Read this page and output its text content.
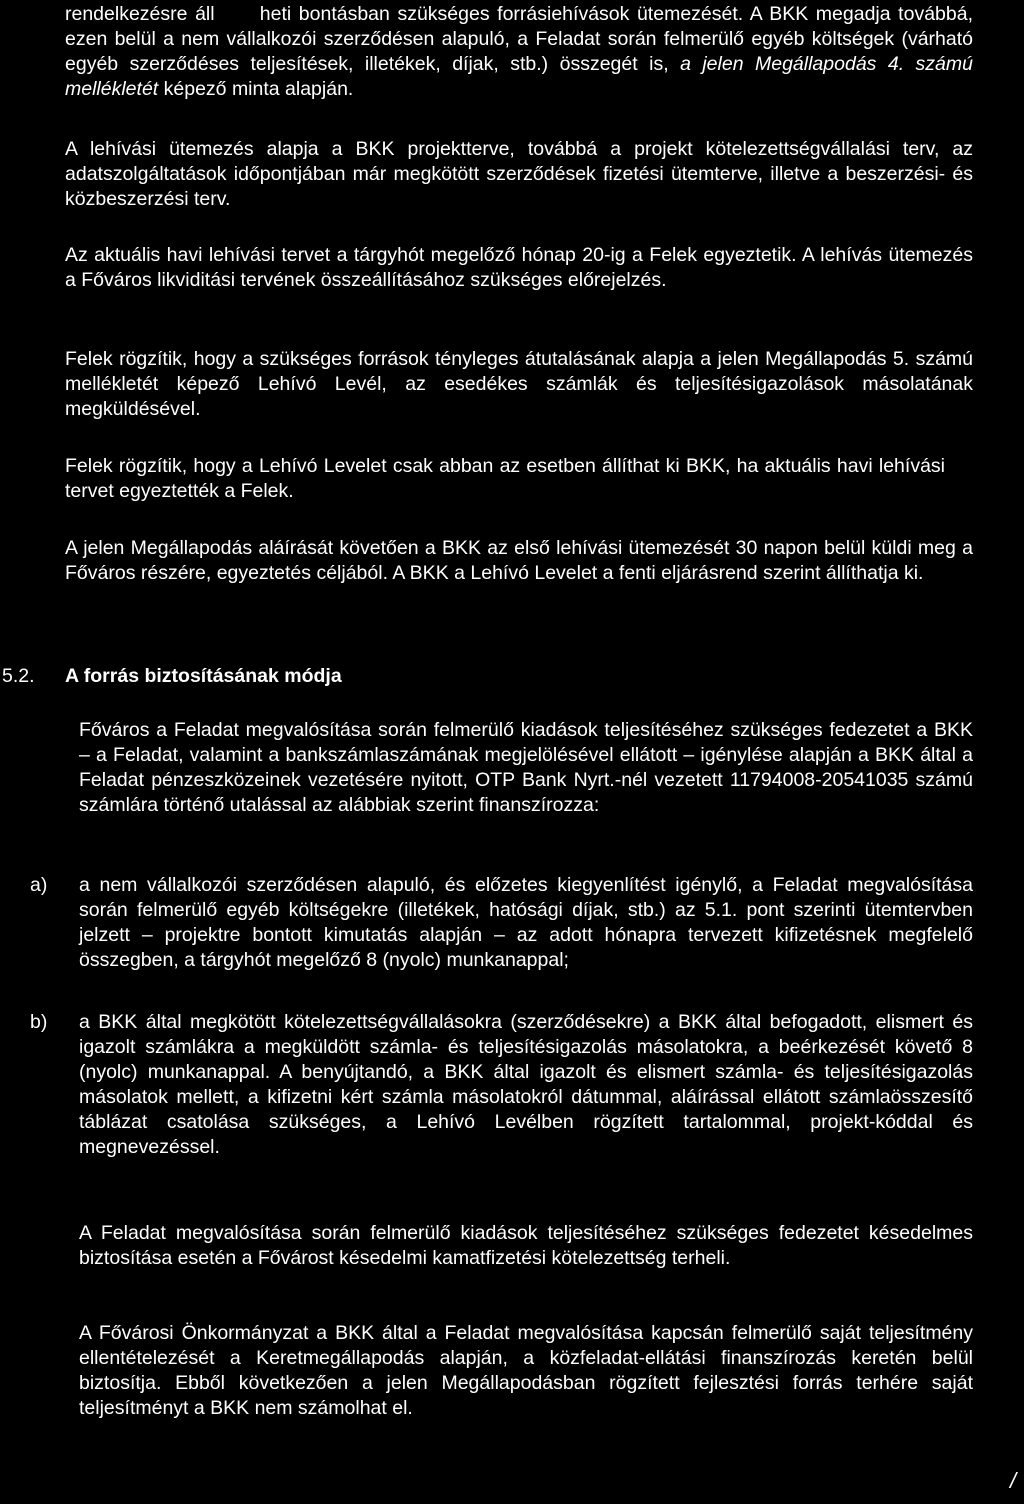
rendelkezésre áll heti bontásban szükséges forrásiehívások ütemezését. A BKK megadja továbbá, ezen belül a nem vállalkozói szerződésen alapuló, a Feladat során felmerülő egyéb költségek (várható egyéb szerződéses teljesítések, illetékek, díjak, stb.) összegét is, a jelen Megállapodás 4. számú mellékletét képező minta alapján.

A lehívási ütemezés alapja a BKK projektterve, továbbá a projekt kötelezettségvállalási terv, az adatszolgáltatások időpontjában már megkötött szerződések fizetési ütemterve, illetve a beszerzési- és közbeszerzési terv.

Az aktuális havi lehívási tervet a tárgyhót megelőző hónap 20-ig a Felek egyeztetik. A lehívás ütemezés a Főváros likviditási tervének összeállításához szükséges előrejelzés.

Felek rögzítik, hogy a szükséges források tényleges átutalásának alapja a jelen Megállapodás 5. számú mellékletét képező Lehívó Levél, az esedékes számlák és teljesítésigazolások másolatának megküldésével.

Felek rögzítik, hogy a Lehívó Levelet csak abban az esetben állíthat ki BKK, ha aktuális havi lehívási tervet egyeztették a Felek.

A jelen Megállapodás aláírását követően a BKK az első lehívási ütemezését 30 napon belül küldi meg a Főváros részére, egyeztetés céljából. A BKK a Lehívó Levelet a fenti eljárásrend szerint állíthatja ki.

5.2. A forrás biztosításának módja

Főváros a Feladat megvalósítása során felmerülő kiadások teljesítéséhez szükséges fedezetet a BKK – a Feladat, valamint a bankszámlaszámának megjelölésével ellátott – igénylése alapján a BKK által a Feladat pénzeszközeinek vezetésére nyitott, OTP Bank Nyrt.-nél vezetett 11794008-20541035 számú számlára történő utalással az alábbiak szerint finanszírozza:

a) a nem vállalkozói szerződésen alapuló, és előzetes kiegyenlítést igénylő, a Feladat megvalósítása során felmerülő egyéb költségekre (illetékek, hatósági díjak, stb.) az 5.1. pont szerinti ütemtervben jelzett – projektre bontott kimutatás alapján – az adott hónapra tervezett kifizetésnek megfelelő összegben, a tárgyhót megelőző 8 (nyolc) munkanappal;

b) a BKK által megkötött kötelezettségvállalásokra (szerződésekre) a BKK által befogadott, elismert és igazolt számlákra a megküldött számla- és teljesítésigazolás másolatokra, a beérkezését követő 8 (nyolc) munkanappal. A benyújtandó, a BKK által igazolt és elismert számla- és teljesítésigazolás másolatok mellett, a kifizetni kért számla másolatokról dátummal, aláírással ellátott számlaösszesítő táblázat csatolása szükséges, a Lehívó Levélben rögzített tartalommal, projekt-kóddal és megnevezéssel.

A Feladat megvalósítása során felmerülő kiadások teljesítéséhez szükséges fedezetet késedelmes biztosítása esetén a Fővárost késedelmi kamatfizetési kötelezettség terheli.

A Fővárosi Önkormányzat a BKK által a Feladat megvalósítása kapcsán felmerülő saját teljesítmény ellentételezését a Keretmegállapodás alapján, a közfeladat-ellátási finanszírozás keretén belül biztosítja. Ebből következően a jelen Megállapodásban rögzített fejlesztési forrás terhére saját teljesítményt a BKK nem számolhat el.

/
